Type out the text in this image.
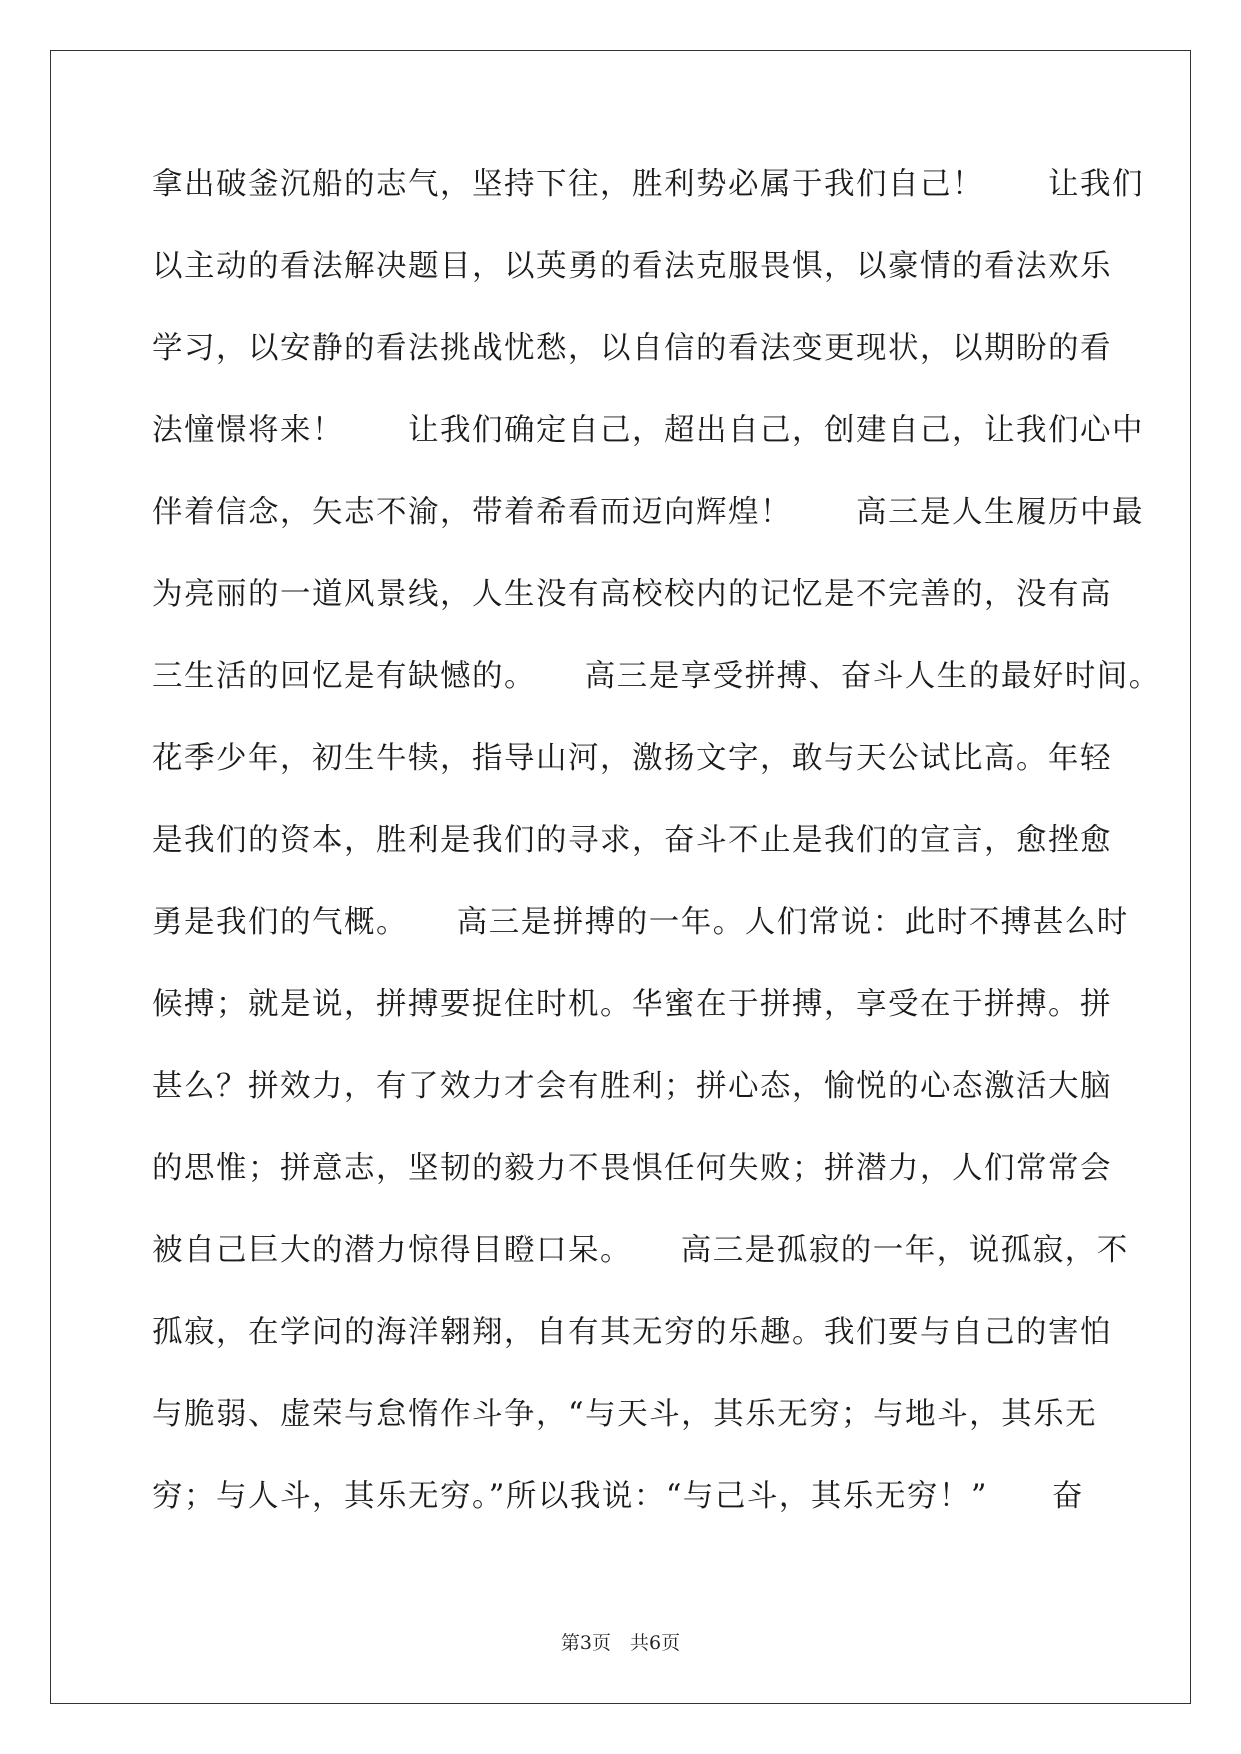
拿出破釜沉船的志气，坚持下往，胜利势必属于我们自己！　　让我们
以主动的看法解决题目，以英勇的看法克服畏惧，以豪情的看法欢乐
学习，以安静的看法挑战忧愁，以自信的看法变更现状，以期盼的看
法憧憬将来！　　让我们确定自己，超出自己，创建自己，让我们心中
伴着信念，矢志不渝，带着希看而迈向辉煌！　　高三是人生履历中最
为亮丽的一道风景线，人生没有高校校内的记忆是不完善的，没有高
三生活的回忆是有缺憾的。　　高三是享受拼搏、奋斗人生的最好时间。
花季少年，初生牛犊，指导山河，激扬文字，敢与天公试比高。年轻
是我们的资本，胜利是我们的寻求，奋斗不止是我们的宣言，愈挫愈
勇是我们的气概。　　高三是拼搏的一年。人们常说：此时不搏甚么时
候搏；就是说，拼搏要捉住时机。华蜜在于拼搏，享受在于拼搏。拼
甚么？拼效力，有了效力才会有胜利；拼心态，愉悦的心态激活大脑
的思惟；拼意志，坚韧的毅力不畏惧任何失败；拼潜力，人们常常会
被自己巨大的潜力惊得目瞪口呆。　　高三是孤寂的一年，说孤寂，不
孤寂，在学问的海洋翱翔，自有其无穷的乐趣。我们要与自己的害怕
与脆弱、虚荣与怠惰作斗争，“与天斗，其乐无穷；与地斗，其乐无
穷；与人斗，其乐无穷。”所以我说：“与己斗，其乐无穷！”　　奋
第3页　共6页
